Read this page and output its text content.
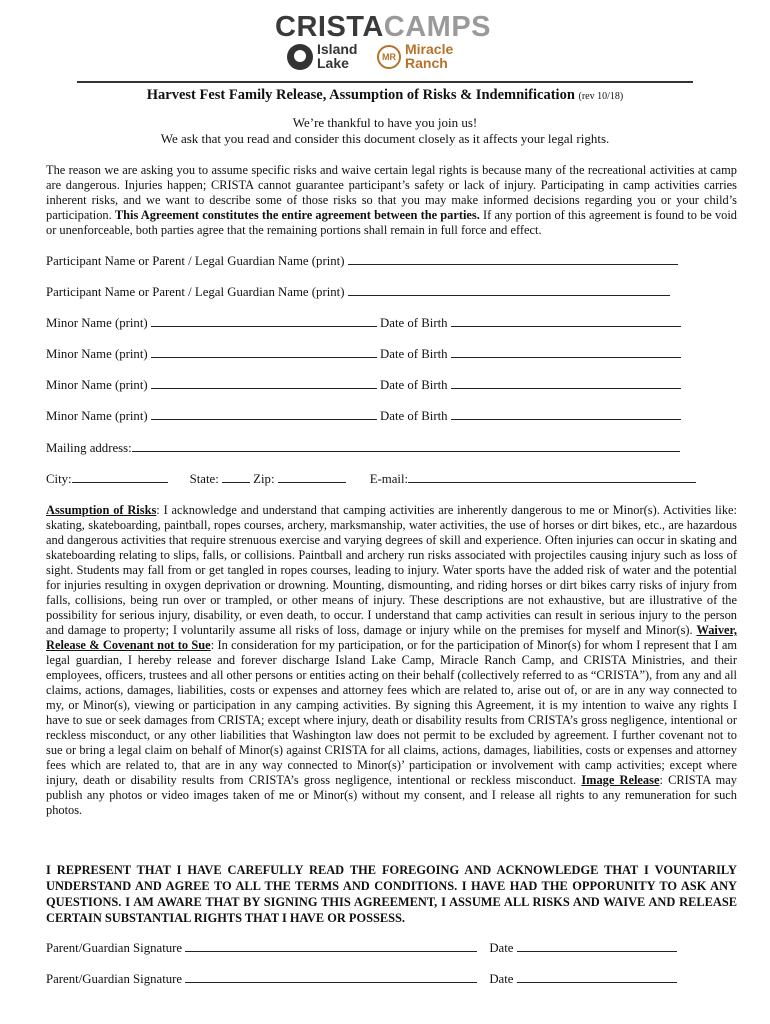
CRISTACAMPS
Island
Lake	MR Miracle
Ranch
Harvest Fest Family Release, Assumption of Risks & Indemnification (rev 10/18)
We’re thankful to have you join us!
We ask that you read and consider this document closely as it affects your legal rights.
The reason we are asking you to assume specific risks and waive certain legal rights is because many of the recreational activities at camp are dangerous. Injuries happen; CRISTA cannot guarantee participant’s safety or lack of injury. Participating in camp activities carries inherent risks, and we want to describe some of those risks so that you may make informed decisions regarding you or your child’s participation. This Agreement constitutes the entire agreement between the parties. If any portion of this agreement is found to be void or unenforceable, both parties agree that the remaining portions shall remain in full force and effect.
Participant Name or Parent / Legal Guardian Name (print)
Participant Name or Parent / Legal Guardian Name (print)
Minor Name (print)	Date of Birth
Minor Name (print)	Date of Birth
Minor Name (print)	Date of Birth
Minor Name (print)	Date of Birth
Mailing address:
City:	State:	Zip:	E-mail:
Assumption of Risks: I acknowledge and understand that camping activities are inherently dangerous to me or Minor(s). Activities like: skating, skateboarding, paintball, ropes courses, archery, marksmanship, water activities, the use of horses or dirt bikes, etc., are hazardous and dangerous activities that require strenuous exercise and varying degrees of skill and experience. Often injuries can occur in skating and skateboarding relating to slips, falls, or collisions. Paintball and archery run risks associated with projectiles causing injury such as loss of sight. Students may fall from or get tangled in ropes courses, leading to injury. Water sports have the added risk of water and the potential for injuries resulting in oxygen deprivation or drowning. Mounting, dismounting, and riding horses or dirt bikes carry risks of injury from falls, collisions, being run over or trampled, or other means of injury. These descriptions are not exhaustive, but are illustrative of the possibility for serious injury, disability, or even death, to occur. I understand that camp activities can result in serious injury to the person and damage to property; I voluntarily assume all risks of loss, damage or injury while on the premises for myself and Minor(s). Waiver, Release & Covenant not to Sue: In consideration for my participation, or for the participation of Minor(s) for whom I represent that I am legal guardian, I hereby release and forever discharge Island Lake Camp, Miracle Ranch Camp, and CRISTA Ministries, and their employees, officers, trustees and all other persons or entities acting on their behalf (collectively referred to as “CRISTA”), from any and all claims, actions, damages, liabilities, costs or expenses and attorney fees which are related to, arise out of, or are in any way connected to my, or Minor(s), viewing or participation in any camping activities. By signing this Agreement, it is my intention to waive any rights I have to sue or seek damages from CRISTA; except where injury, death or disability results from CRISTA’s gross negligence, intentional or reckless misconduct, or any other liabilities that Washington law does not permit to be excluded by agreement. I further covenant not to sue or bring a legal claim on behalf of Minor(s) against CRISTA for all claims, actions, damages, liabilities, costs or expenses and attorney fees which are related to, that are in any way connected to Minor(s)’ participation or involvement with camp activities; except where injury, death or disability results from CRISTA’s gross negligence, intentional or reckless misconduct. Image Release: CRISTA may publish any photos or video images taken of me or Minor(s) without my consent, and I release all rights to any remuneration for such photos.
I REPRESENT THAT I HAVE CAREFULLY READ THE FOREGOING AND ACKNOWLEDGE THAT I VOUNTARILY UNDERSTAND AND AGREE TO ALL THE TERMS AND CONDITIONS. I HAVE HAD THE OPPORUNITY TO ASK ANY QUESTIONS. I AM AWARE THAT BY SIGNING THIS AGREEMENT, I ASSUME ALL RISKS AND WAIVE AND RELEASE CERTAIN SUBSTANTIAL RIGHTS THAT I HAVE OR POSSESS.
Parent/Guardian Signature	Date
Parent/Guardian Signature	Date
